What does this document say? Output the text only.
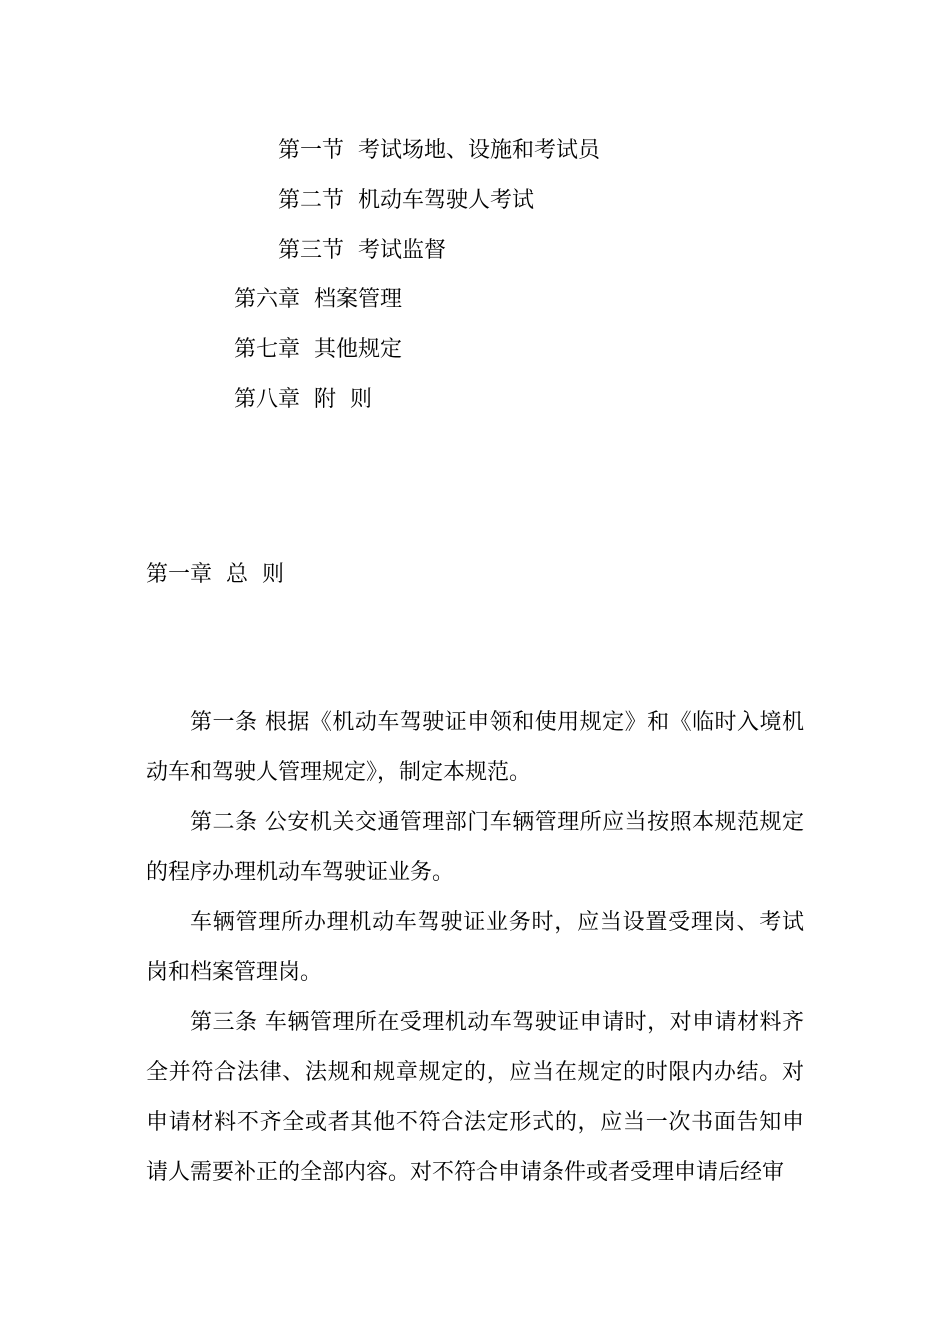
第一节  考试场地、设施和考试员
第二节  机动车驾驶人考试
第三节  考试监督
第六章  档案管理
第七章  其他规定
第八章  附  则
第一章  总  则

第一条 根据《机动车驾驶证申领和使用规定》和《临时入境机动车和驾驶人管理规定》，制定本规范。

第二条 公安机关交通管理部门车辆管理所应当按照本规范规定的程序办理机动车驾驶证业务。

车辆管理所办理机动车驾驶证业务时，应当设置受理岗、考试岗和档案管理岗。

第三条 车辆管理所在受理机动车驾驶证申请时，对申请材料齐全并符合法律、法规和规章规定的，应当在规定的时限内办结。对申请材料不齐全或者其他不符合法定形式的，应当一次书面告知申请人需要补正的全部内容。对不符合申请条件或者受理申请后经审
